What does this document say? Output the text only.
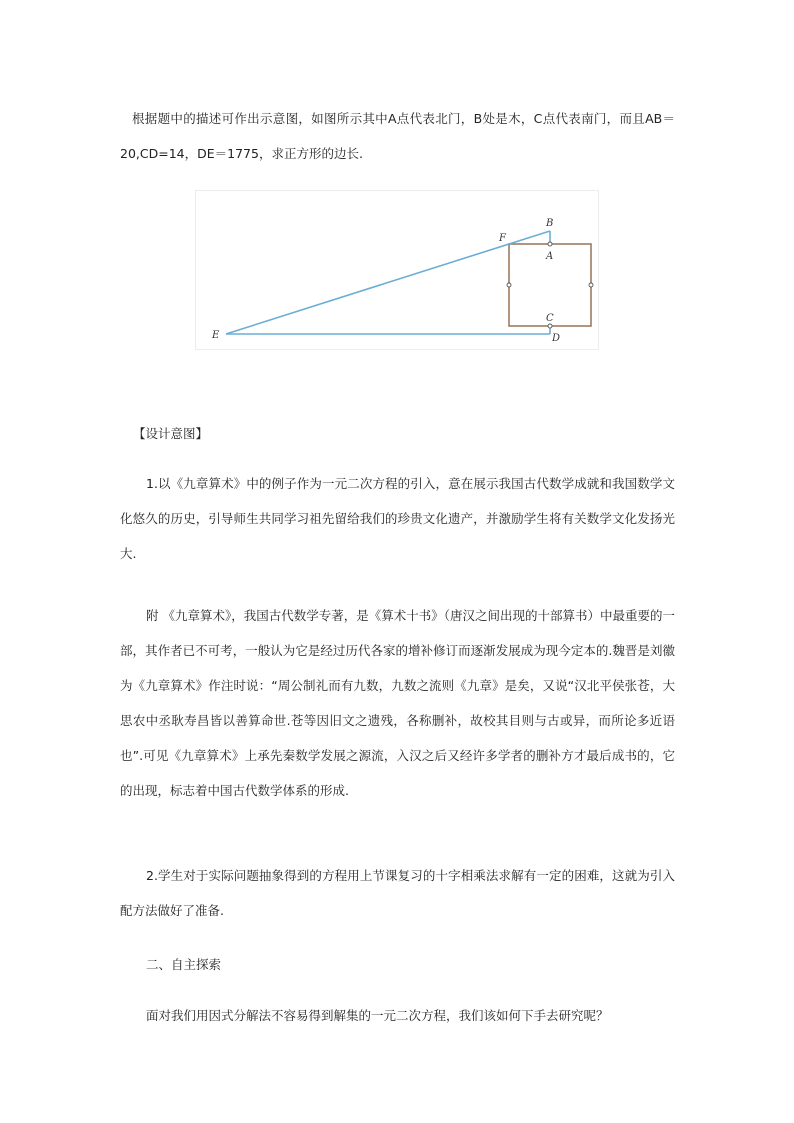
根据题中的描述可作出示意图，如图所示其中A点代表北门，B处是木，C点代表南门，而且AB＝20,CD=14，DE＝1775，求正方形的边长.

E
F
B
A
C
D

【设计意图】

1.以《九章算术》中的例子作为一元二次方程的引入，意在展示我国古代数学成就和我国数学文化悠久的历史，引导师生共同学习祖先留给我们的珍贵文化遗产，并激励学生将有关数学文化发扬光大.

附 《九章算术》，我国古代数学专著，是《算术十书》（唐汉之间出现的十部算书）中最重要的一部，其作者已不可考，一般认为它是经过历代各家的增补修订而逐渐发展成为现今定本的.魏晋是刘徽为《九章算术》作注时说：“周公制礼而有九数，九数之流则《九章》是矣，又说“汉北平侯张苍，大思农中丞耿寿昌皆以善算命世.苍等因旧文之遗残，各称删补，故校其目则与古或异，而所论多近语也”.可见《九章算术》上承先秦数学发展之源流，入汉之后又经许多学者的删补方才最后成书的，它的出现，标志着中国古代数学体系的形成.

2.学生对于实际问题抽象得到的方程用上节课复习的十字相乘法求解有一定的困难，这就为引入配方法做好了准备.

二、自主探索

面对我们用因式分解法不容易得到解集的一元二次方程，我们该如何下手去研究呢？
